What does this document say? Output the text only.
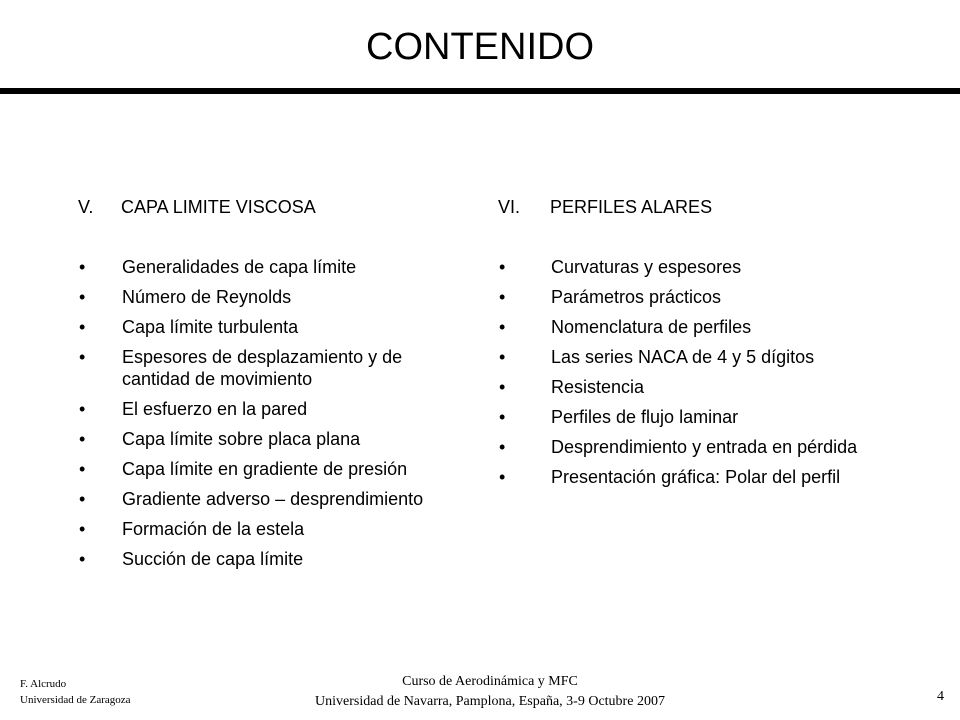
CONTENIDO
V.	CAPA LIMITE VISCOSA
•	Generalidades de capa límite
•	Número de Reynolds
•	Capa límite turbulenta
•	Espesores de desplazamiento y de cantidad de movimiento
•	El esfuerzo en la pared
•	Capa límite sobre placa plana
•	Capa límite en gradiente de presión
•	Gradiente adverso – desprendimiento
•	Formación de la estela
•	Succión de capa límite
VI.	PERFILES ALARES
•	Curvaturas y espesores
•	Parámetros prácticos
•	Nomenclatura de perfiles
•	Las series NACA de 4 y 5 dígitos
•	Resistencia
•	Perfiles de flujo laminar
•	Desprendimiento y entrada en pérdida
•	Presentación gráfica: Polar del perfil
F. Alcrudo
Universidad de Zaragoza
Curso de Aerodinámica y MFC
Universidad de Navarra, Pamplona, España, 3-9 Octubre 2007	4
